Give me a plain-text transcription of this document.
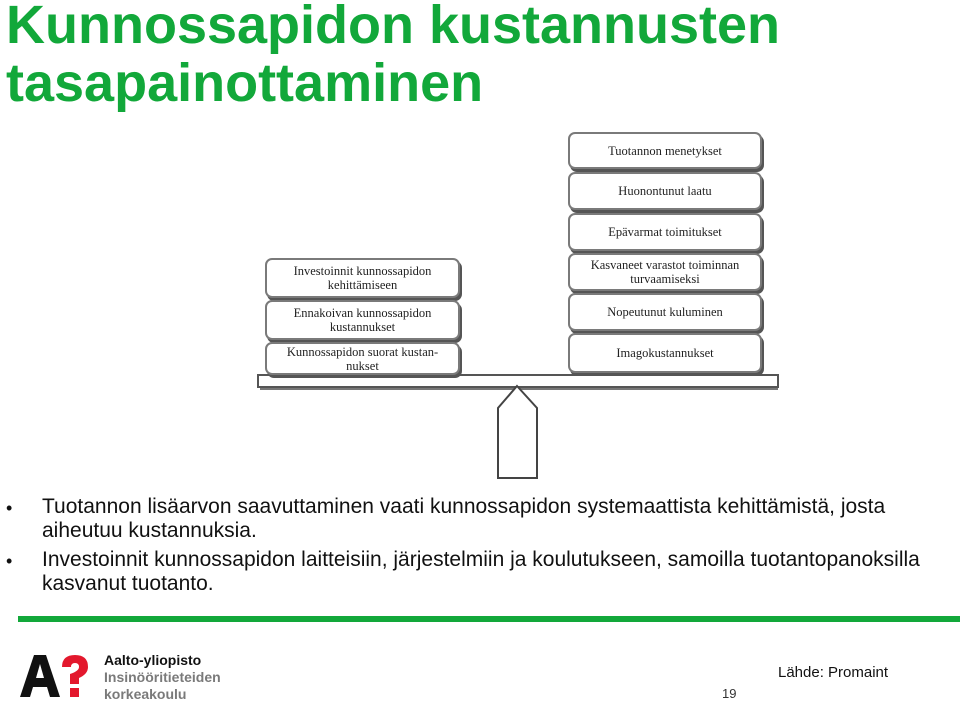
Kunnossapidon kustannusten tasapainottaminen
Investoinnit kunnossapidon kehittämiseen
Ennakoivan kunnossapidon kustannukset
Kunnossapidon suorat kustan-nukset
Tuotannon menetykset
Huonontunut laatu
Epävarmat toimitukset
Kasvaneet varastot toiminnan turvaamiseksi
Nopeutunut kuluminen
Imagokustannukset
• Tuotannon lisäarvon saavuttaminen vaati kunnossapidon systemaattista kehittämistä, josta aiheutuu kustannuksia.
• Investoinnit kunnossapidon laitteisiin, järjestelmiin ja koulutukseen, samoilla tuotantopanoksilla kasvanut tuotanto.
Aalto-yliopisto
Insinööritieteiden
korkeakoulu	19
Lähde: Promaint
